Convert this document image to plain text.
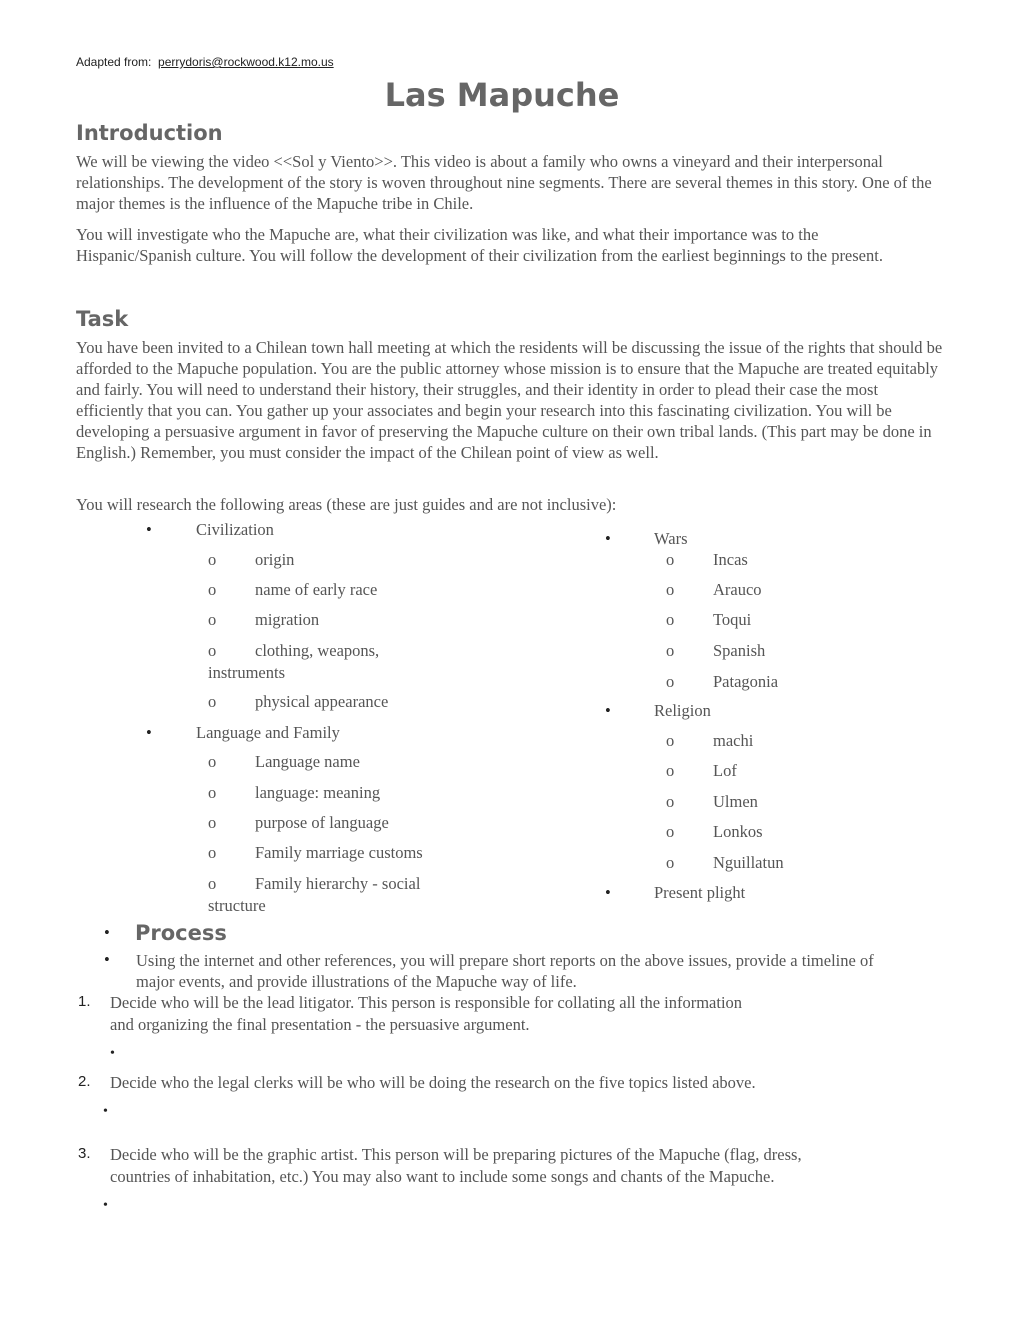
Adapted from: perrydoris@rockwood.k12.mo.us
Las Mapuche
Introduction
We will be viewing the video <<Sol y Viento>>. This video is about a family who owns a vineyard and their interpersonal relationships. The development of the story is woven throughout nine segments. There are several themes in this story. One of the major themes is the influence of the Mapuche tribe in Chile.
You will investigate who the Mapuche are, what their civilization was like, and what their importance was to the Hispanic/Spanish culture. You will follow the development of their civilization from the earliest beginnings to the present.
Task
You have been invited to a Chilean town hall meeting at which the residents will be discussing the issue of the rights that should be afforded to the Mapuche population. You are the public attorney whose mission is to ensure that the Mapuche are treated equitably and fairly. You will need to understand their history, their struggles, and their identity in order to plead their case the most efficiently that you can. You gather up your associates and begin your research into this fascinating civilization. You will be developing a persuasive argument in favor of preserving the Mapuche culture on their own tribal lands. (This part may be done in English.) Remember, you must consider the impact of the Chilean point of view as well.
You will research the following areas (these are just guides and are not inclusive):
•	Civilization
o origin
o name of early race
o migration
o clothing, weapons,
instruments
o physical appearance
•	Language and Family
o Language name
o language: meaning
o purpose of language
o Family marriage customs
o Family hierarchy - social
structure
•	Wars
o Incas
o Arauco
o Toqui
o Spanish
o Patagonia
•	Religion
o machi
o Lof
o Ulmen
o Lonkos
o Nguillatun
•	Present plight
• Process
• Using the internet and other references, you will prepare short reports on the above issues, provide a timeline of major events, and provide illustrations of the Mapuche way of life.
1. Decide who will be the lead litigator. This person is responsible for collating all the information
and organizing the final presentation - the persuasive argument.
•
2. Decide who the legal clerks will be who will be doing the research on the five topics listed above.
•
3. Decide who will be the graphic artist. This person will be preparing pictures of the Mapuche (flag, dress,
countries of inhabitation, etc.) You may also want to include some songs and chants of the Mapuche.
•
